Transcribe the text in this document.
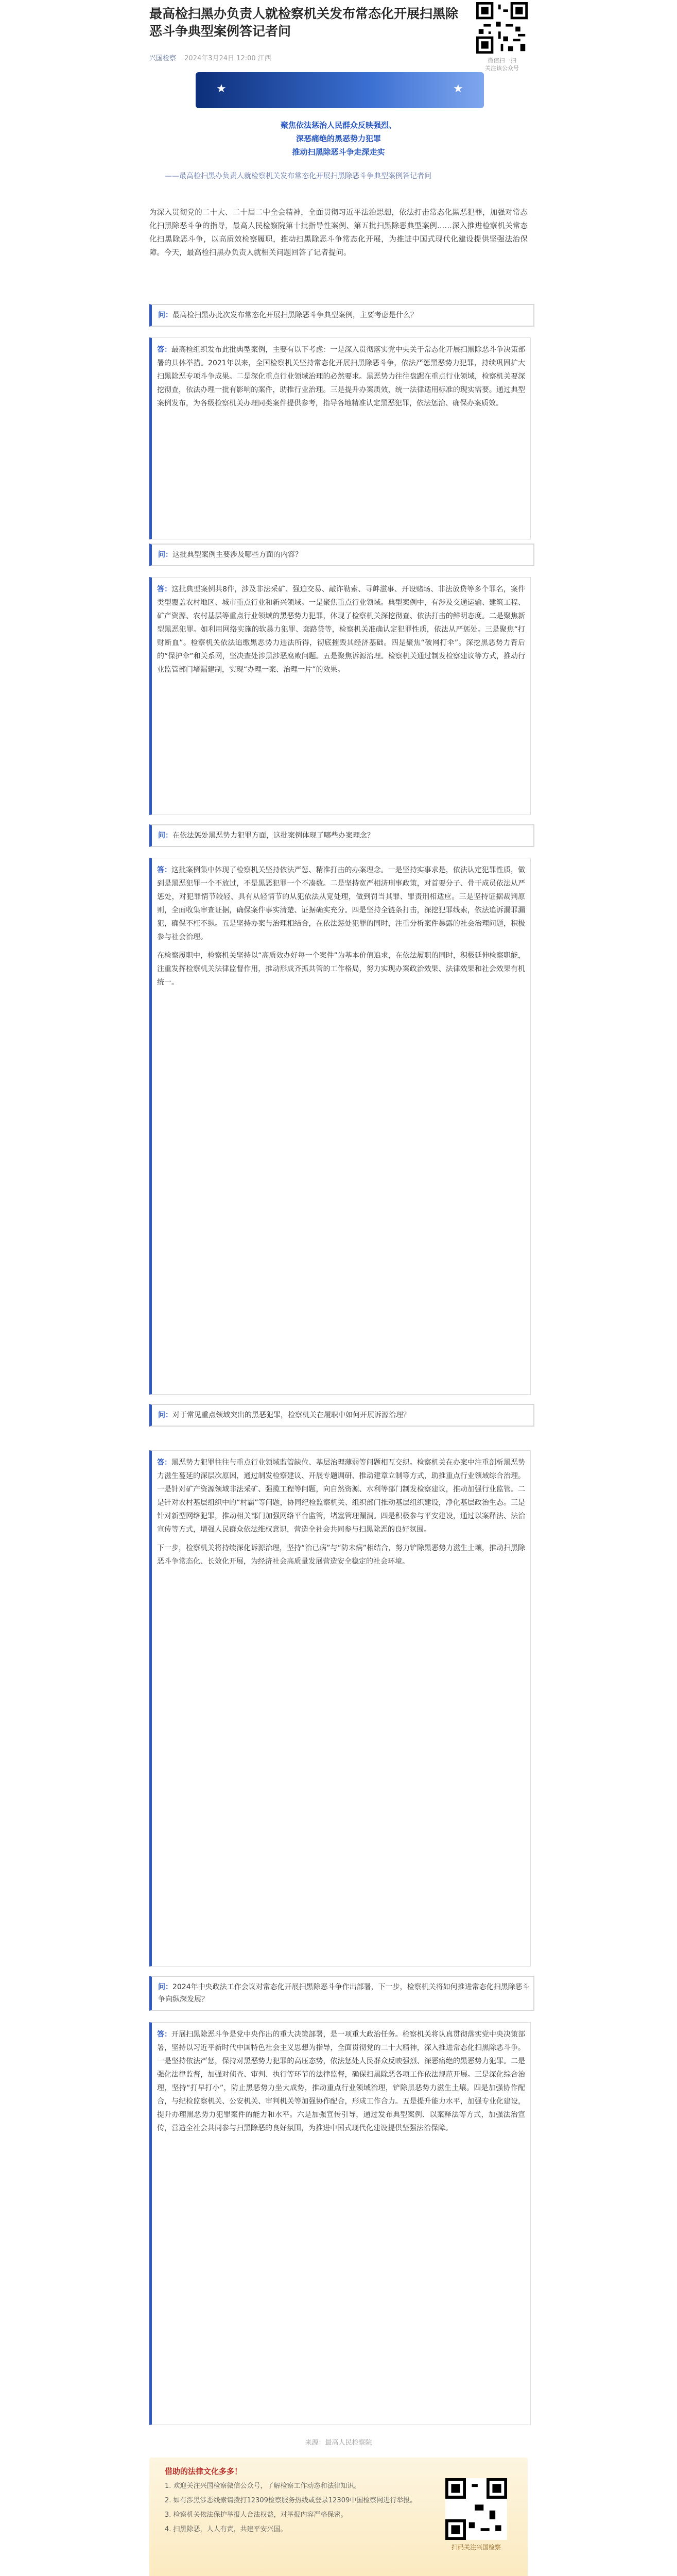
最高检扫黑办负责人就检察机关发布常态化开展扫黑除恶斗争典型案例答记者问
兴国检察 2024年3月24日 12:00 江西	微信扫一扫
关注该公众号
★	★
聚焦依法惩治人民群众反映强烈、
深恶痛绝的黑恶势力犯罪
推动扫黑除恶斗争走深走实
——最高检扫黑办负责人就检察机关发布常态化开展扫黑除恶斗争典型案例答记者问

为深入贯彻党的二十大、二十届二中全会精神，全面贯彻习近平法治思想，依法打击常态化黑恶犯罪，加强对常态化扫黑除恶斗争的指导，最高人民检察院第十批指导性案例、第五批扫黑除恶典型案例……深入推进检察机关常态化扫黑除恶斗争，以高质效检察履职，推动扫黑除恶斗争常态化开展，为推进中国式现代化建设提供坚强法治保障。今天，最高检扫黑办负责人就相关问题回答了记者提问。

问：最高检扫黑办此次发布常态化开展扫黑除恶斗争典型案例，主要考虑是什么？

答：最高检组织发布此批典型案例，主要有以下考虑：一是深入贯彻落实党中央关于常态化开展扫黑除恶斗争决策部署的具体举措。2021年以来，全国检察机关坚持常态化开展扫黑除恶斗争，依法严惩黑恶势力犯罪，持续巩固扩大扫黑除恶专项斗争成果。二是深化重点行业领域治理的必然要求。黑恶势力往往盘踞在重点行业领域，检察机关要深挖彻查，依法办理一批有影响的案件，助推行业治理。三是提升办案质效，统一法律适用标准的现实需要。通过典型案例发布，为各级检察机关办理同类案件提供参考，指导各地精准认定黑恶犯罪，依法惩治、确保办案质效。

问：这批典型案例主要涉及哪些方面的内容？

答：这批典型案例共8件，涉及非法采矿、强迫交易、敲诈勒索、寻衅滋事、开设赌场、非法放贷等多个罪名，案件类型覆盖农村地区、城市重点行业和新兴领域。一是聚焦重点行业领域。典型案例中，有涉及交通运输、建筑工程、矿产资源、农村基层等重点行业领域的黑恶势力犯罪，体现了检察机关深挖彻查、依法打击的鲜明态度。二是聚焦新型黑恶犯罪。如利用网络实施的软暴力犯罪、套路贷等，检察机关准确认定犯罪性质，依法从严惩处。三是聚焦“打财断血”。检察机关依法追缴黑恶势力违法所得，彻底摧毁其经济基础。四是聚焦“破网打伞”。深挖黑恶势力背后的“保护伞”和关系网，坚决查处涉黑涉恶腐败问题。五是聚焦诉源治理。检察机关通过制发检察建议等方式，推动行业监管部门堵漏建制，实现“办理一案、治理一片”的效果。

问：在依法惩处黑恶势力犯罪方面，这批案例体现了哪些办案理念？

答：这批案例集中体现了检察机关坚持依法严惩、精准打击的办案理念。一是坚持实事求是，依法认定犯罪性质，做到是黑恶犯罪一个不放过，不是黑恶犯罪一个不凑数。二是坚持宽严相济刑事政策，对首要分子、骨干成员依法从严惩处，对犯罪情节较轻、具有从轻情节的从犯依法从宽处理，做到罚当其罪、罪责刑相适应。三是坚持证据裁判原则，全面收集审查证据，确保案件事实清楚、证据确实充分。四是坚持全链条打击，深挖犯罪线索，依法追诉漏罪漏犯，确保不枉不纵。五是坚持办案与治理相结合，在依法惩处犯罪的同时，注重分析案件暴露的社会治理问题，积极参与社会治理。

在检察履职中，检察机关坚持以“高质效办好每一个案件”为基本价值追求，在依法履职的同时，积极延伸检察职能，注重发挥检察机关法律监督作用，推动形成齐抓共管的工作格局，努力实现办案政治效果、法律效果和社会效果有机统一。

问：对于常见重点领域突出的黑恶犯罪，检察机关在履职中如何开展诉源治理？

答：黑恶势力犯罪往往与重点行业领域监管缺位、基层治理薄弱等问题相互交织。检察机关在办案中注重剖析黑恶势力滋生蔓延的深层次原因，通过制发检察建议、开展专题调研、推动建章立制等方式，助推重点行业领域综合治理。一是针对矿产资源领域非法采矿、强揽工程等问题，向自然资源、水利等部门制发检察建议，推动加强行业监管。二是针对农村基层组织中的“村霸”等问题，协同纪检监察机关、组织部门推动基层组织建设，净化基层政治生态。三是针对新型网络犯罪，推动相关部门加强网络平台监管，堵塞管理漏洞。四是积极参与平安建设，通过以案释法、法治宣传等方式，增强人民群众依法维权意识，营造全社会共同参与扫黑除恶的良好氛围。

下一步，检察机关将持续深化诉源治理，坚持“治已病”与“防未病”相结合，努力铲除黑恶势力滋生土壤，推动扫黑除恶斗争常态化、长效化开展，为经济社会高质量发展营造安全稳定的社会环境。

问：2024年中央政法工作会议对常态化开展扫黑除恶斗争作出部署，下一步，检察机关将如何推进常态化扫黑除恶斗争向纵深发展？

答：开展扫黑除恶斗争是党中央作出的重大决策部署，是一项重大政治任务。检察机关将认真贯彻落实党中央决策部署，坚持以习近平新时代中国特色社会主义思想为指导，全面贯彻党的二十大精神，深入推进常态化扫黑除恶斗争。一是坚持依法严惩，保持对黑恶势力犯罪的高压态势，依法惩处人民群众反映强烈、深恶痛绝的黑恶势力犯罪。二是强化法律监督，加强对侦查、审判、执行等环节的法律监督，确保扫黑除恶各项工作依法规范开展。三是深化综合治理，坚持“打早打小”，防止黑恶势力坐大成势，推动重点行业领域治理，铲除黑恶势力滋生土壤。四是加强协作配合，与纪检监察机关、公安机关、审判机关等加强协作配合，形成工作合力。五是提升能力水平，加强专业化建设，提升办理黑恶势力犯罪案件的能力和水平。六是加强宣传引导，通过发布典型案例、以案释法等方式，加强法治宣传，营造全社会共同参与扫黑除恶的良好氛围，为推进中国式现代化建设提供坚强法治保障。

来源：最高人民检察院
借助的法律文化多多！
1. 欢迎关注兴国检察微信公众号，了解检察工作动态和法律知识。
2. 如有涉黑涉恶线索请拨打12309检察服务热线或登录12309中国检察网进行举报。
3. 检察机关依法保护举报人合法权益，对举报内容严格保密。
4. 扫黑除恶，人人有责，共建平安兴国。
扫码关注兴国检察
